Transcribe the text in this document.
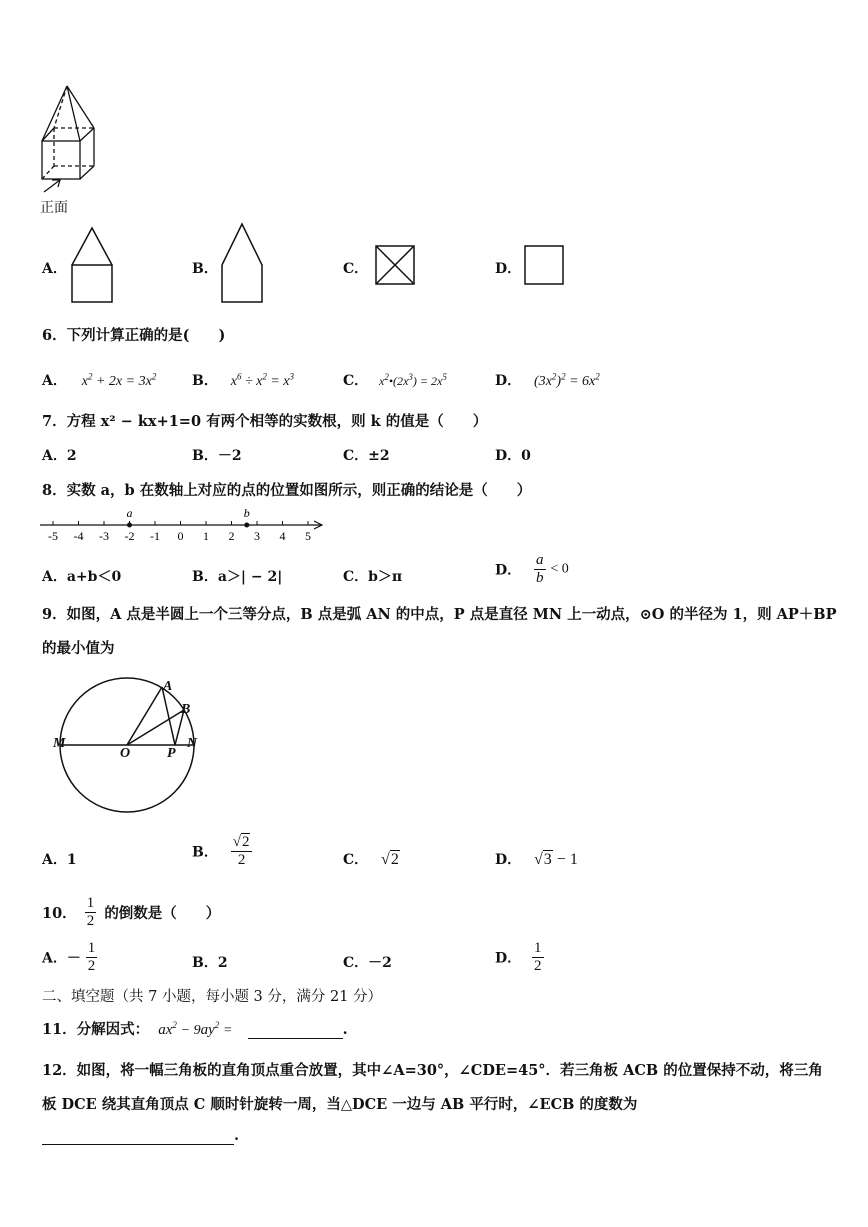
正面
A．	B．	C．	D．
6．下列计算正确的是(　　)
A． $x^2 + 2x = 3x^2$	B． $x^6 \div x^2 = x^3$	C． $x^2•(2x^3) = 2x^5$	D． $(3x^2)^2 = 6x^2$
7．方程 x² − kx+1=0 有两个相等的实数根，则 k 的值是（　　）
A．2	B．－2	C．±2	D．0
8．实数 a，b 在数轴上对应的点的位置如图所示，则正确的结论是（　　）
-5 -4 -3 -2 -1 0 1 2 3 4 5
a	b
A．a+b＜0	B．a＞| − 2|	C．b＞π	D． $\frac{a}{b} < 0$
9．如图，A 点是半圆上一个三等分点，B 点是弧 AN 的中点，P 点是直径 MN 上一动点，⊙O 的半径为 1，则 AP＋BP
的最小值为
A
B
M
O	P
N
A．1	B． $\frac{√2}{2}$	C． √2	D． √3 − 1
10． $\frac{1}{2}$ 的倒数是（　　）
A．－ $\frac{1}{2}$	B．2	C．－2	D． $\frac{1}{2}$
二、填空题（共 7 小题，每小题 3 分，满分 21 分）
11．分解因式： $ax^2 - 9ay^2$ =	.
12．如图，将一幅三角板的直角顶点重合放置，其中∠A=30°，∠CDE=45°．若三角板 ACB 的位置保持不动，将三角
板 DCE 绕其直角顶点 C 顺时针旋转一周，当△DCE 一边与 AB 平行时，∠ECB 的度数为
.
